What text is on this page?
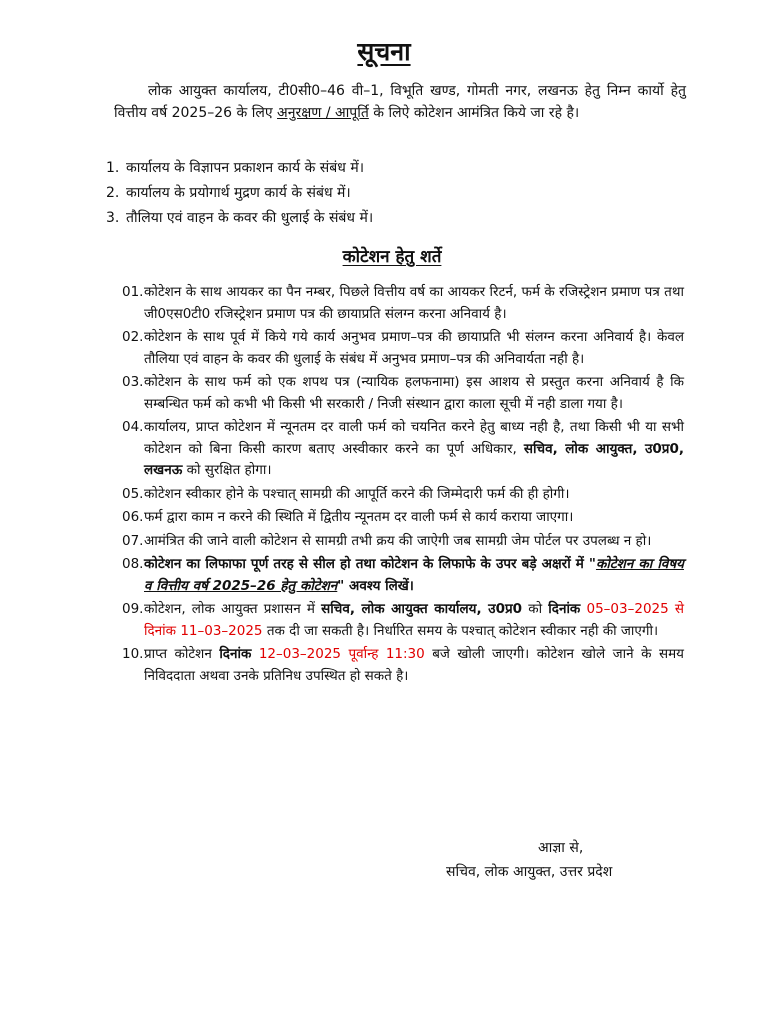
सूचना
लोक आयुक्त कार्यालय, टी0सी0–46 वी–1, विभूति खण्ड, गोमती नगर, लखनऊ हेतु निम्न कार्यो हेतु वित्तीय वर्ष 2025–26 के लिए अनुरक्षण / आपूर्ति के लिऐ कोटेशन आमंत्रित किये जा रहे है।
1. कार्यालय के विज्ञापन प्रकाशन कार्य के संबंध में।
2. कार्यालय के प्रयोगार्थ मुद्रण कार्य के संबंध में।
3. तौलिया एवं वाहन के कवर की धुलाई के संबंध में।
कोटेशन हेतु शर्ते
01. कोटेशन के साथ आयकर का पैन नम्बर, पिछले वित्तीय वर्ष का आयकर रिटर्न, फर्म के रजिस्ट्रेशन प्रमाण पत्र तथा जी0एस0टी0 रजिस्ट्रेशन प्रमाण पत्र की छायाप्रति संलग्न करना अनिवार्य है।
02. कोटेशन के साथ पूर्व में किये गये कार्य अनुभव प्रमाण–पत्र की छायाप्रति भी संलग्न करना अनिवार्य है। केवल तौलिया एवं वाहन के कवर की धुलाई के संबंध में अनुभव प्रमाण–पत्र की अनिवार्यता नही है।
03. कोटेशन के साथ फर्म को एक शपथ पत्र (न्यायिक हलफनामा) इस आशय से प्रस्तुत करना अनिवार्य है कि सम्बन्धित फर्म को कभी भी किसी भी सरकारी / निजी संस्थान द्वारा काला सूची में नही डाला गया है।
04. कार्यालय, प्राप्त कोटेशन में न्यूनतम दर वाली फर्म को चयनित करने हेतु बाध्य नही है, तथा किसी भी या सभी कोटेशन को बिना किसी कारण बताए अस्वीकार करने का पूर्ण अधिकार, सचिव, लोक आयुक्त, उ0प्र0, लखनऊ को सुरक्षित होगा।
05. कोटेशन स्वीकार होने के पश्चात् सामग्री की आपूर्ति करने की जिम्मेदारी फर्म की ही होगी।
06. फर्म द्वारा काम न करने की स्थिति में द्वितीय न्यूनतम दर वाली फर्म से कार्य कराया जाएगा।
07. आमंत्रित की जाने वाली कोटेशन से सामग्री तभी क्रय की जाऐगी जब सामग्री जेम पोर्टल पर उपलब्ध न हो।
08. कोटेशन का लिफाफा पूर्ण तरह से सील हो तथा कोटेशन के लिफाफे के उपर बड़े अक्षरों में "कोटेशन का विषय व वित्तीय वर्ष 2025–26 हेतु कोटेशन" अवश्य लिखें।
09. कोटेशन, लोक आयुक्त प्रशासन में सचिव, लोक आयुक्त कार्यालय, उ0प्र0 को दिनांक 05–03–2025 से दिनांक 11–03–2025 तक दी जा सकती है। निर्धारित समय के पश्चात् कोटेशन स्वीकार नही की जाएगी।
10. प्राप्त कोटेशन दिनांक 12–03–2025 पूर्वान्ह 11:30 बजे खोली जाएगी। कोटेशन खोले जाने के समय निविददाता अथवा उनके प्रतिनिध उपस्थित हो सकते है।
आज्ञा से,
सचिव, लोक आयुक्त, उत्तर प्रदेश
